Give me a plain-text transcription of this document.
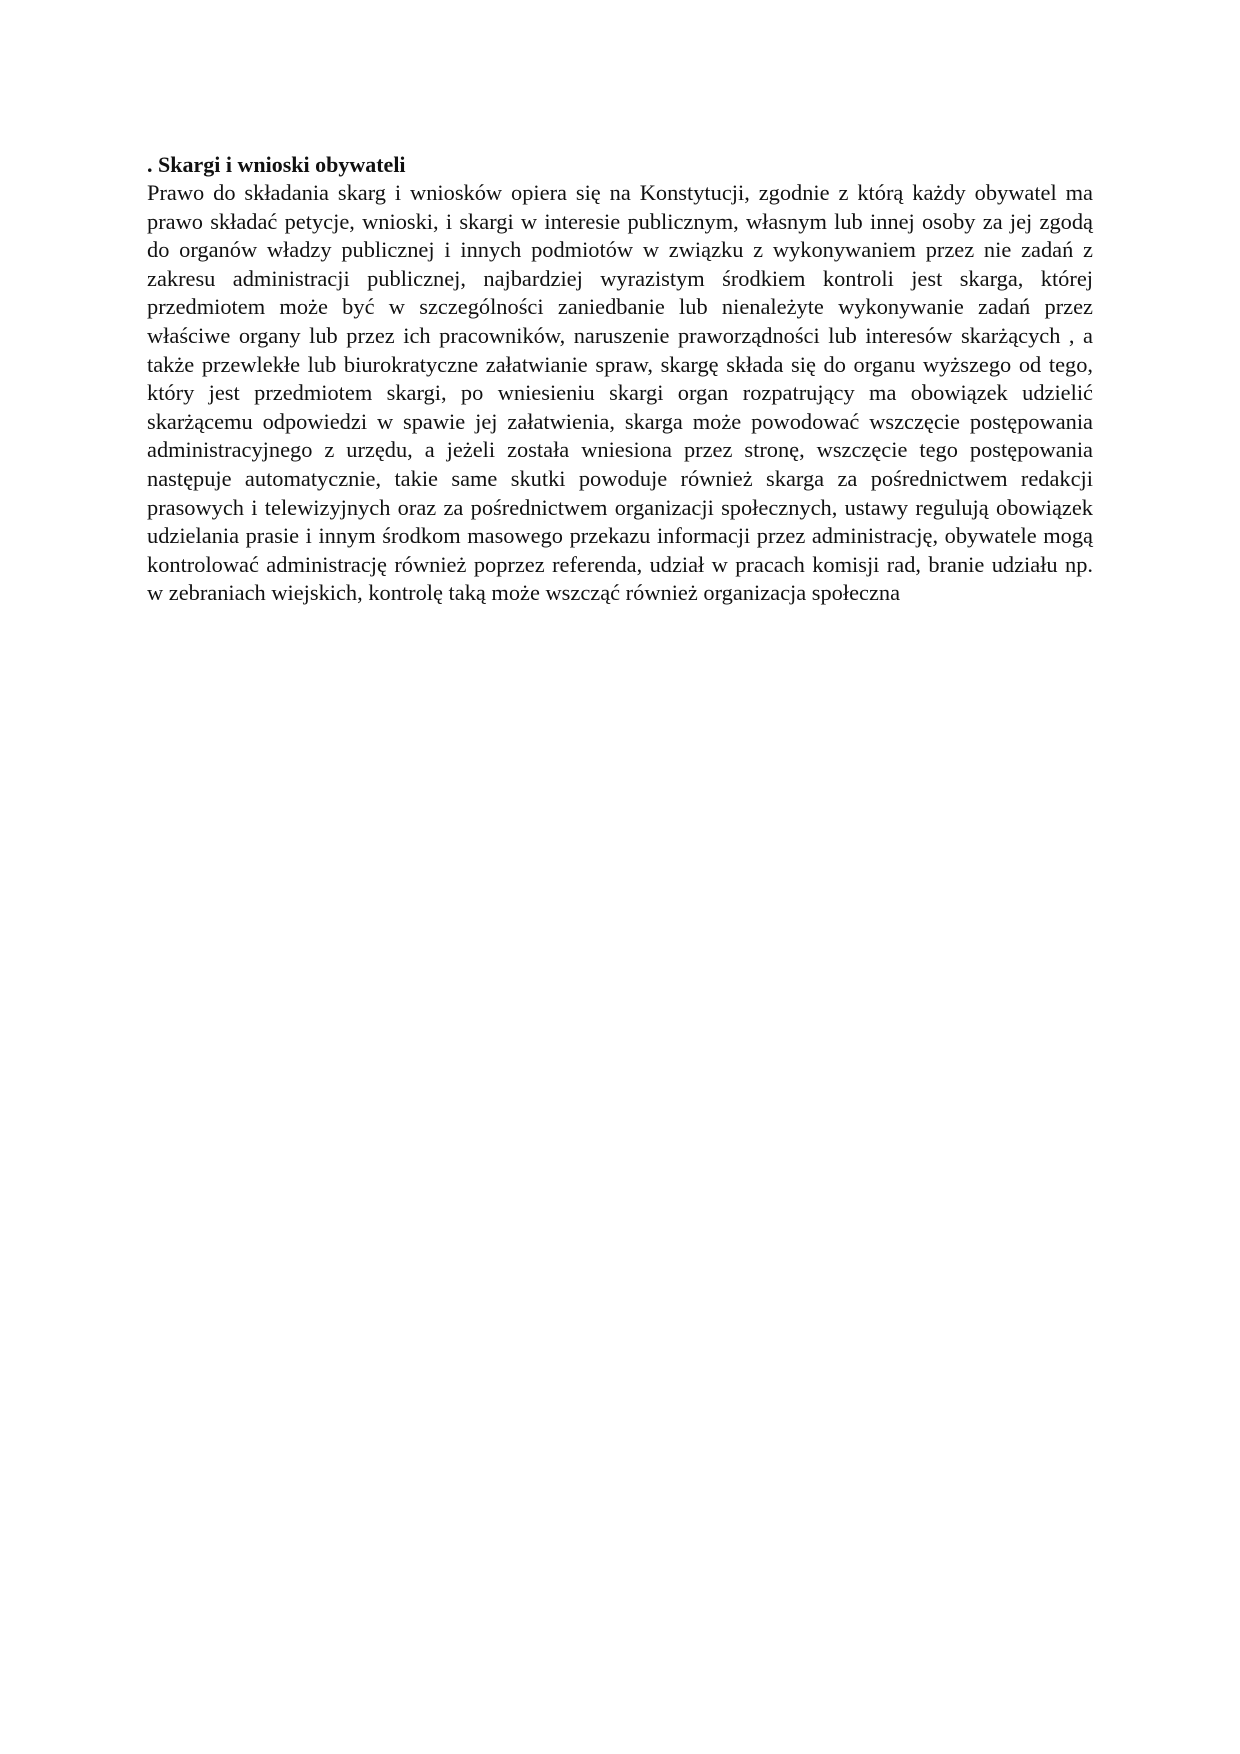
. Skargi i wnioski obywateli

Prawo do składania skarg i wniosków opiera się na Konstytucji, zgodnie z którą każdy obywatel ma prawo składać petycje, wnioski, i skargi w interesie publicznym, własnym lub innej osoby za jej zgodą do organów władzy publicznej i innych podmiotów w związku z wykonywaniem przez nie zadań z zakresu administracji publicznej, najbardziej wyrazistym środkiem kontroli jest skarga, której przedmiotem może być w szczególności zaniedbanie lub nienależyte wykonywanie zadań przez właściwe organy lub przez ich pracowników, naruszenie praworządności lub interesów skarżących , a także przewlekłe lub biurokratyczne załatwianie spraw, skargę składa się do organu wyższego od tego, który jest przedmiotem skargi, po wniesieniu skargi organ rozpatrujący ma obowiązek udzielić skarżącemu odpowiedzi w spawie jej załatwienia, skarga może powodować wszczęcie postępowania administracyjnego z urzędu, a jeżeli została wniesiona przez stronę, wszczęcie tego postępowania następuje automatycznie, takie same skutki powoduje również skarga za pośrednictwem redakcji prasowych i telewizyjnych oraz za pośrednictwem organizacji społecznych, ustawy regulują obowiązek udzielania prasie i innym środkom masowego przekazu informacji przez administrację, obywatele mogą kontrolować administrację również poprzez referenda, udział w pracach komisji rad, branie udziału np. w zebraniach wiejskich, kontrolę taką może wszcząć również organizacja społeczna
